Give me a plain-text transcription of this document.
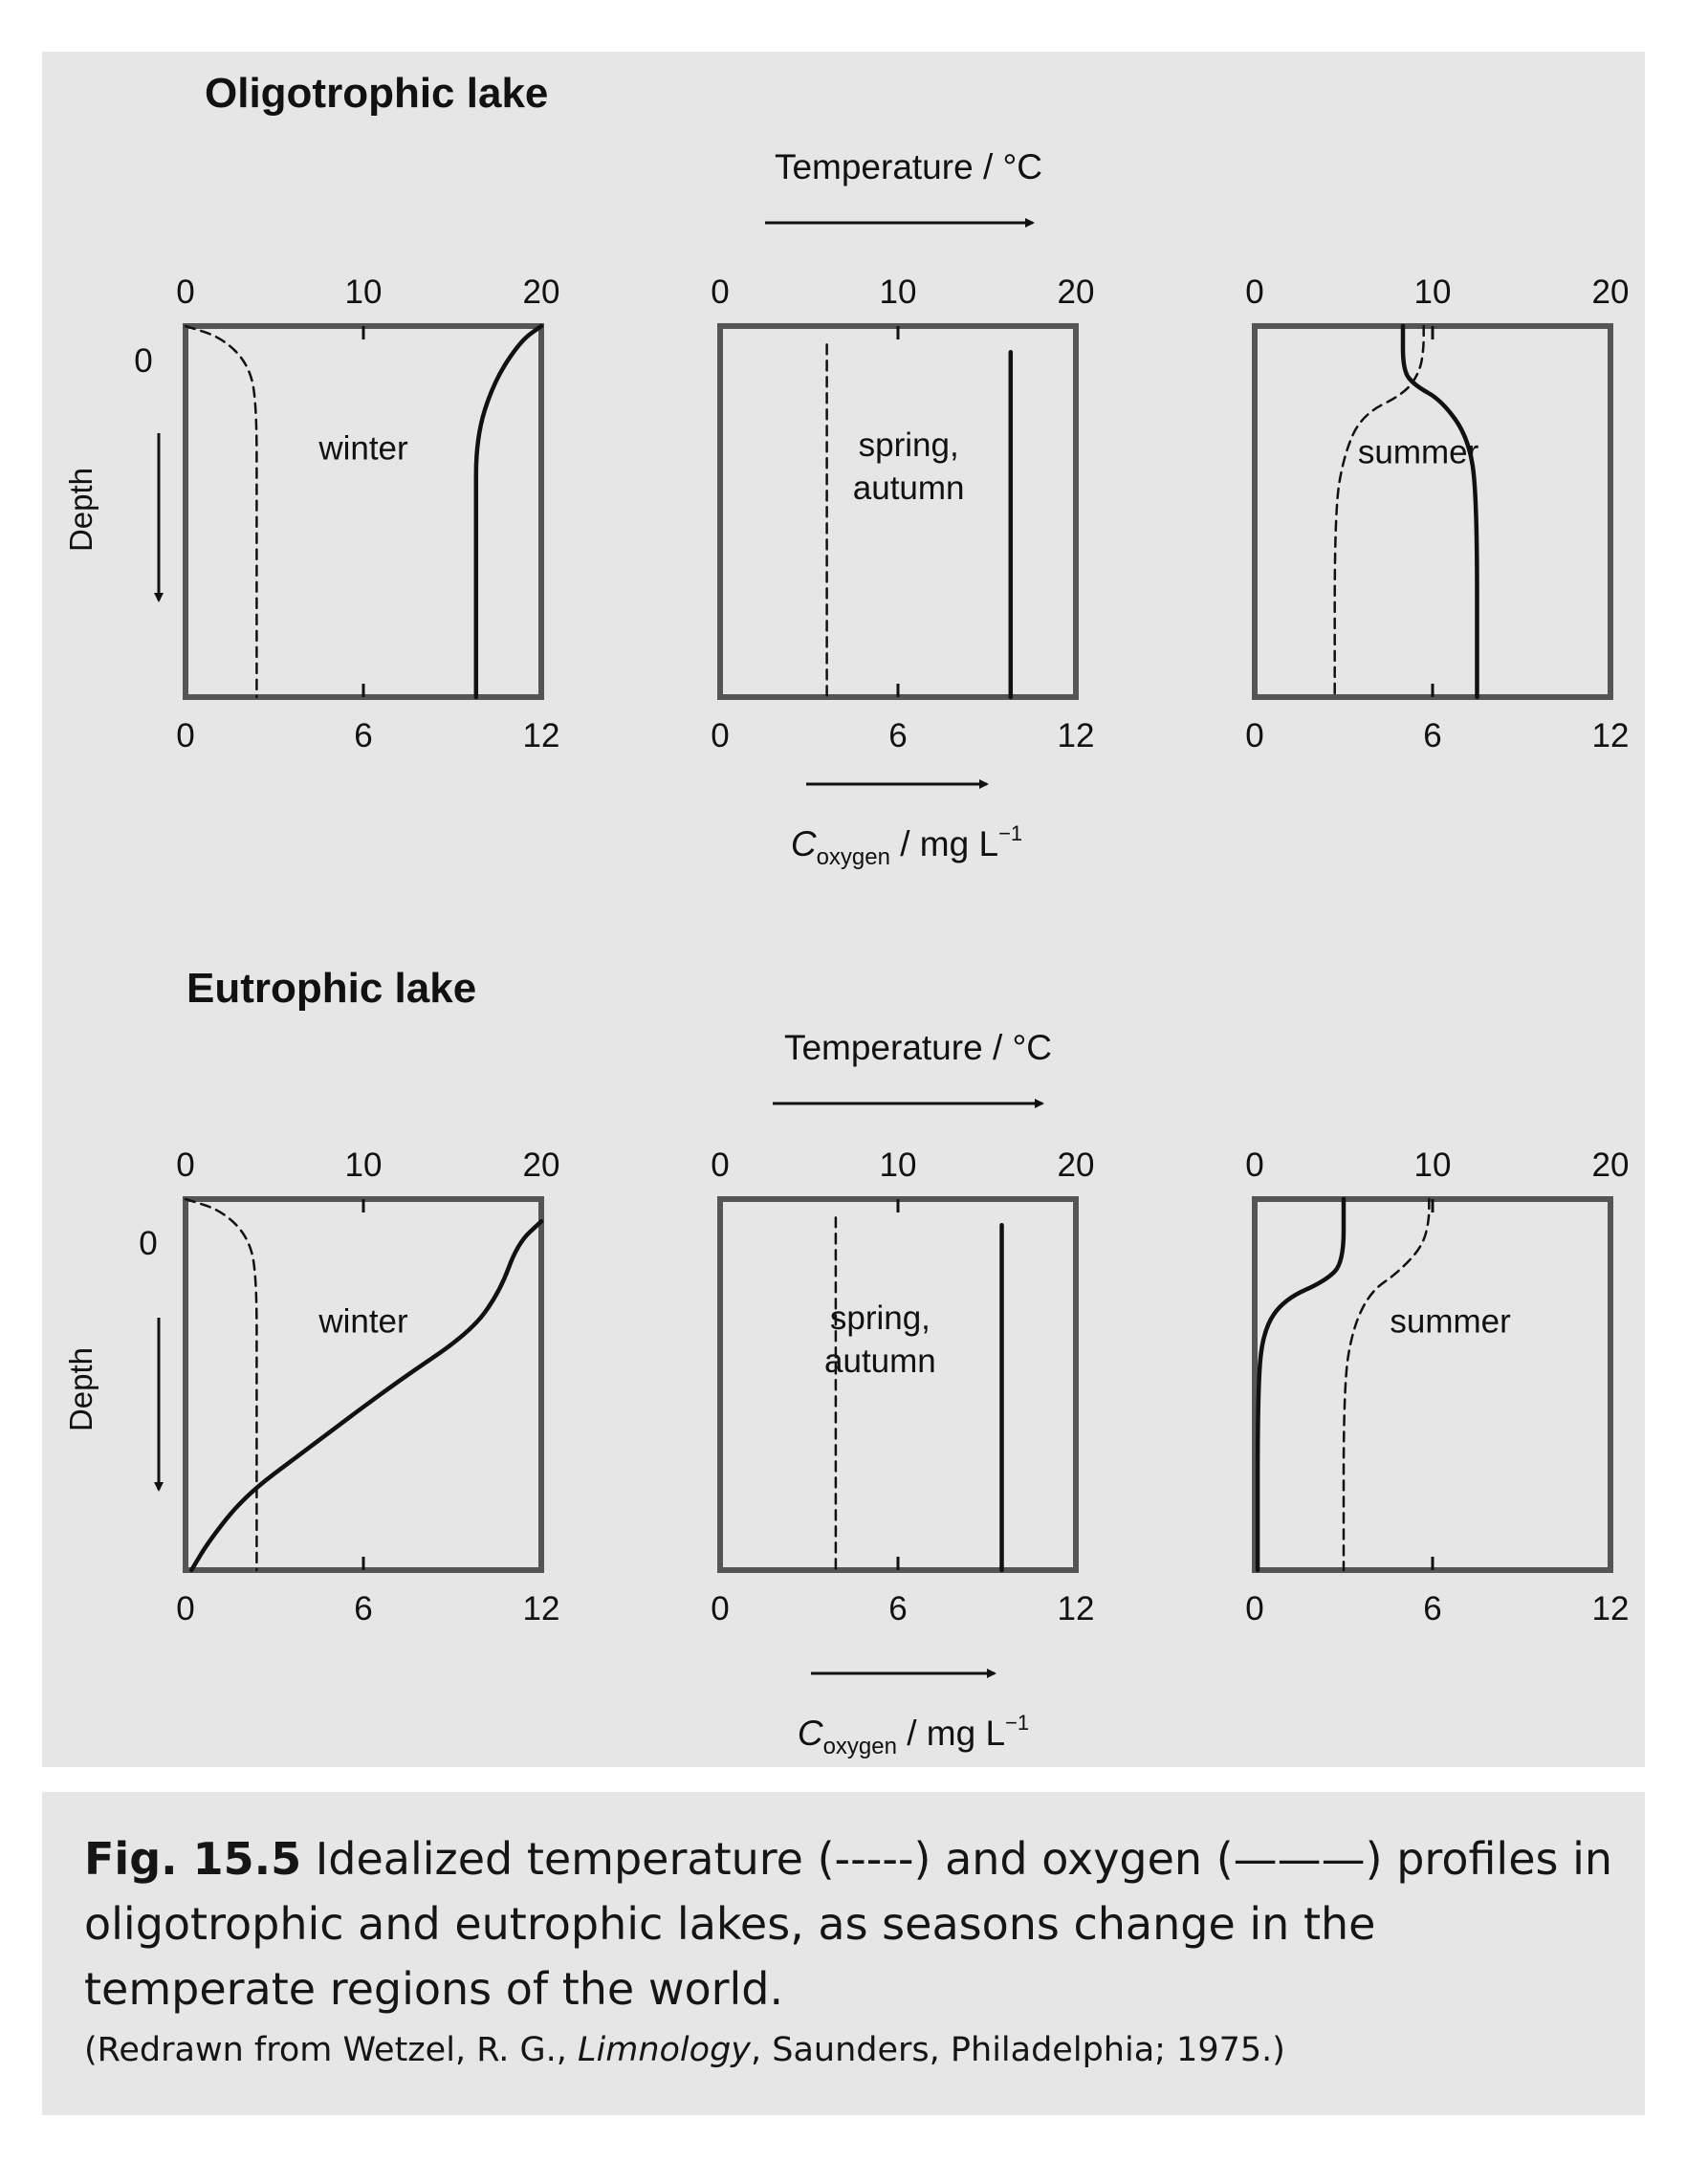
Oligotrophic lake
Temperature / °C
0
Depth
$C_{oxygen}$ / mg $L^{-1}$
Eutrophic lake
Temperature / °C
0
Depth
$C_{oxygen}$ / mg $L^{-1}$
0	10	20
0	6	12
winter
0	10	20
0	6	12
spring,
autumn
0	10	20
0	6	12
summer
0	10	20
0	6	12
winter
0	10	20
0	6	12
spring,
autumn
0	10	20
0	6	12
summer
Fig. 15.5 Idealized temperature (-----) and oxygen (———) profiles in oligotrophic and eutrophic lakes, as seasons change in the temperate regions of the world.
(Redrawn from Wetzel, R. G., Limnology, Saunders, Philadelphia; 1975.)
